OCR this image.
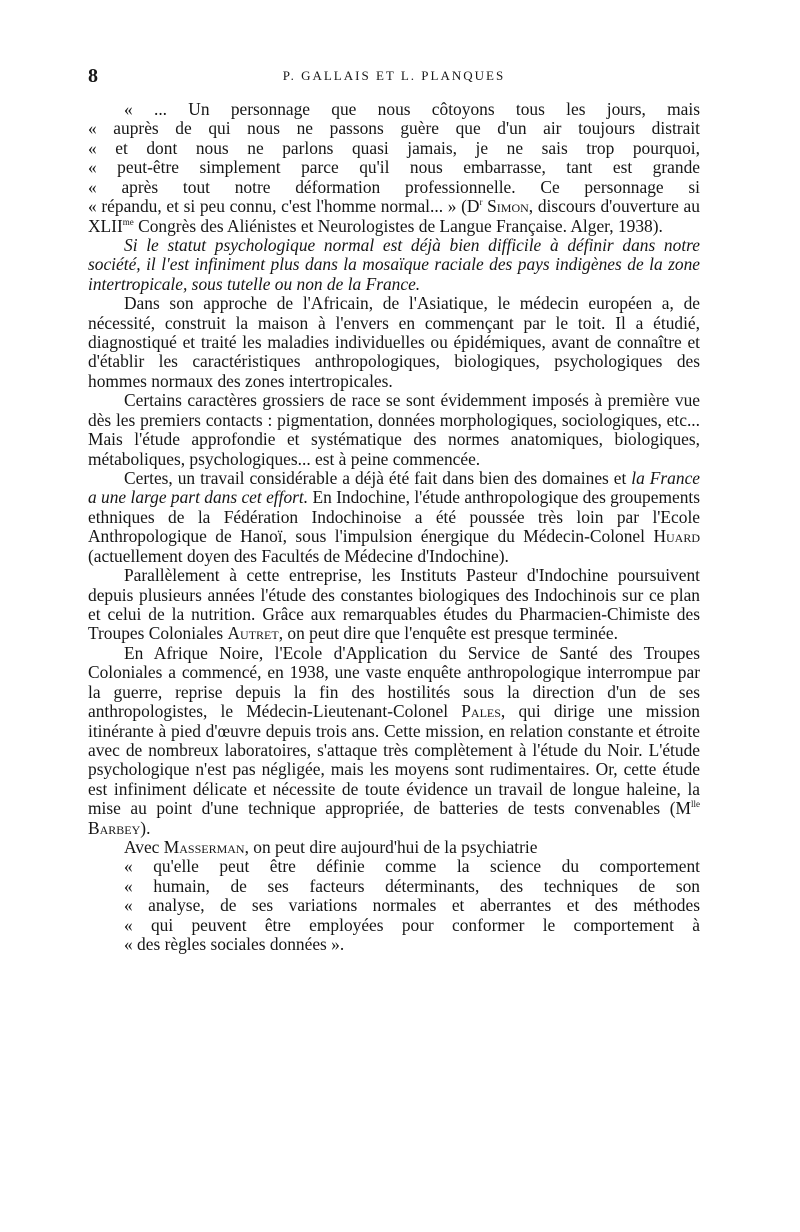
8	P. GALLAIS ET L. PLANQUES

« ... Un personnage que nous côtoyons tous les jours, mais
« auprès de qui nous ne passons guère que d'un air toujours distrait
« et dont nous ne parlons quasi jamais, je ne sais trop pourquoi,
« peut-être simplement parce qu'il nous embarrasse, tant est grande
« après tout notre déformation professionnelle. Ce personnage si
« répandu, et si peu connu, c'est l'homme normal... » ($D^r$ Simon, discours d'ouverture au $XLII^{me}$ Congrès des Aliénistes et Neurologistes de Langue Française. Alger, 1938).

Si le statut psychologique normal est déjà bien difficile à définir dans notre société, il l'est infiniment plus dans la mosaïque raciale des pays indigènes de la zone intertropicale, sous tutelle ou non de la France.

Dans son approche de l'Africain, de l'Asiatique, le médecin européen a, de nécessité, construit la maison à l'envers en commençant par le toit. Il a étudié, diagnostiqué et traité les maladies individuelles ou épidémiques, avant de connaître et d'établir les caractéristiques anthropologiques, biologiques, psychologiques des hommes normaux des zones intertropicales.

Certains caractères grossiers de race se sont évidemment imposés à première vue dès les premiers contacts : pigmentation, données morphologiques, sociologiques, etc... Mais l'étude approfondie et systématique des normes anatomiques, biologiques, métaboliques, psychologiques... est à peine commencée.

Certes, un travail considérable a déjà été fait dans bien des domaines et la France a une large part dans cet effort. En Indochine, l'étude anthropologique des groupements ethniques de la Fédération Indochinoise a été poussée très loin par l'Ecole Anthropologique de Hanoï, sous l'impulsion énergique du Médecin-Colonel Huard (actuellement doyen des Facultés de Médecine d'Indochine).

Parallèlement à cette entreprise, les Instituts Pasteur d'Indochine poursuivent depuis plusieurs années l'étude des constantes biologiques des Indochinois sur ce plan et celui de la nutrition. Grâce aux remarquables études du Pharmacien-Chimiste des Troupes Coloniales Autret, on peut dire que l'enquête est presque terminée.

En Afrique Noire, l'Ecole d'Application du Service de Santé des Troupes Coloniales a commencé, en 1938, une vaste enquête anthropologique interrompue par la guerre, reprise depuis la fin des hostilités sous la direction d'un de ses anthropologistes, le Médecin-Lieutenant-Colonel Pales, qui dirige une mission itinérante à pied d'œuvre depuis trois ans. Cette mission, en relation constante et étroite avec de nombreux laboratoires, s'attaque très complètement à l'étude du Noir. L'étude psychologique n'est pas négligée, mais les moyens sont rudimentaires. Or, cette étude est infiniment délicate et nécessite de toute évidence un travail de longue haleine, la mise au point d'une technique appropriée, de batteries de tests convenables ($M^{lle}$ Barbey).

Avec Masserman, on peut dire aujourd'hui de la psychiatrie
« qu'elle peut être définie comme la science du comportement
« humain, de ses facteurs déterminants, des techniques de son
« analyse, de ses variations normales et aberrantes et des méthodes
« qui peuvent être employées pour conformer le comportement à
« des règles sociales données ».
